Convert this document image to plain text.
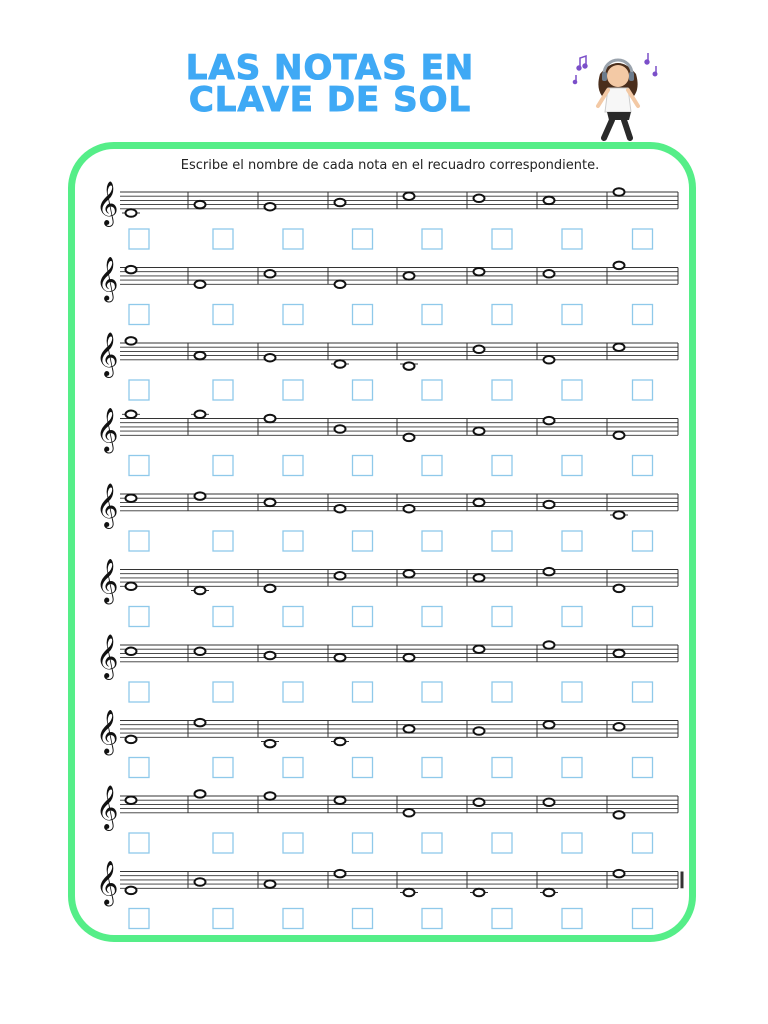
LAS NOTAS EN
CLAVE DE SOL
Escribe el nombre de cada nota en el recuadro correspondiente.
𝄞
𝄞
𝄞
𝄞
𝄞
𝄞
𝄞
𝄞
𝄞
𝄞
